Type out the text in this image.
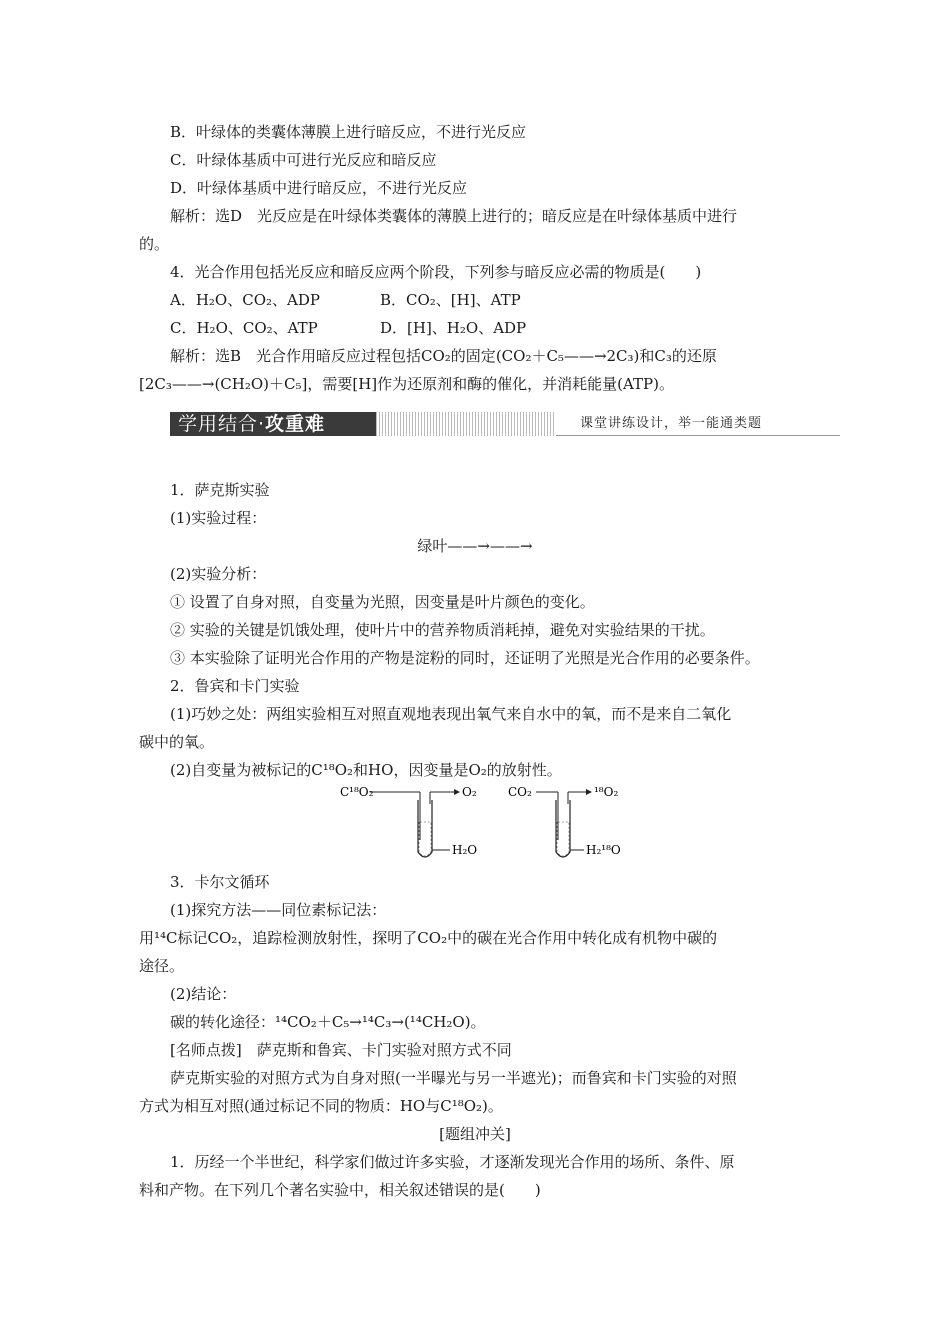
B．叶绿体的类囊体薄膜上进行暗反应，不进行光反应
C．叶绿体基质中可进行光反应和暗反应
D．叶绿体基质中进行暗反应，不进行光反应
解析：选D　光反应是在叶绿体类囊体的薄膜上进行的；暗反应是在叶绿体基质中进行
的。
4．光合作用包括光反应和暗反应两个阶段，下列参与暗反应必需的物质是(　　)
A．H₂O、CO₂、ADP	B．CO₂、[H]、ATP
C．H₂O、CO₂、ATP	D．[H]、H₂O、ADP
解析：选B　光合作用暗反应过程包括CO₂的固定(CO₂＋C₅——→2C₃)和C₃的还原
[2C₃——→(CH₂O)＋C₅]，需要[H]作为还原剂和酶的催化，并消耗能量(ATP)。
学用结合·攻重难	课堂讲练设计，举一能通类题
1．萨克斯实验
(1)实验过程：
绿叶——→——→
(2)实验分析：
① 设置了自身对照，自变量为光照，因变量是叶片颜色的变化。
② 实验的关键是饥饿处理，使叶片中的营养物质消耗掉，避免对实验结果的干扰。
③ 本实验除了证明光合作用的产物是淀粉的同时，还证明了光照是光合作用的必要条件。
2．鲁宾和卡门实验
(1)巧妙之处：两组实验相互对照直观地表现出氧气来自水中的氧，而不是来自二氧化
碳中的氧。
(2)自变量为被标记的C¹⁸O₂和HO，因变量是O₂的放射性。
C¹⁸O₂	O₂
H₂O
CO₂	¹⁸O₂
H₂¹⁸O
3．卡尔文循环
(1)探究方法——同位素标记法：
用¹⁴C标记CO₂，追踪检测放射性，探明了CO₂中的碳在光合作用中转化成有机物中碳的
途径。
(2)结论：
碳的转化途径：¹⁴CO₂＋C₅→¹⁴C₃→(¹⁴CH₂O)。
[名师点拨]　萨克斯和鲁宾、卡门实验对照方式不同
萨克斯实验的对照方式为自身对照(一半曝光与另一半遮光)；而鲁宾和卡门实验的对照
方式为相互对照(通过标记不同的物质：HO与C¹⁸O₂)。
[题组冲关]
1．历经一个半世纪，科学家们做过许多实验，才逐渐发现光合作用的场所、条件、原
料和产物。在下列几个著名实验中，相关叙述错误的是(　　)
